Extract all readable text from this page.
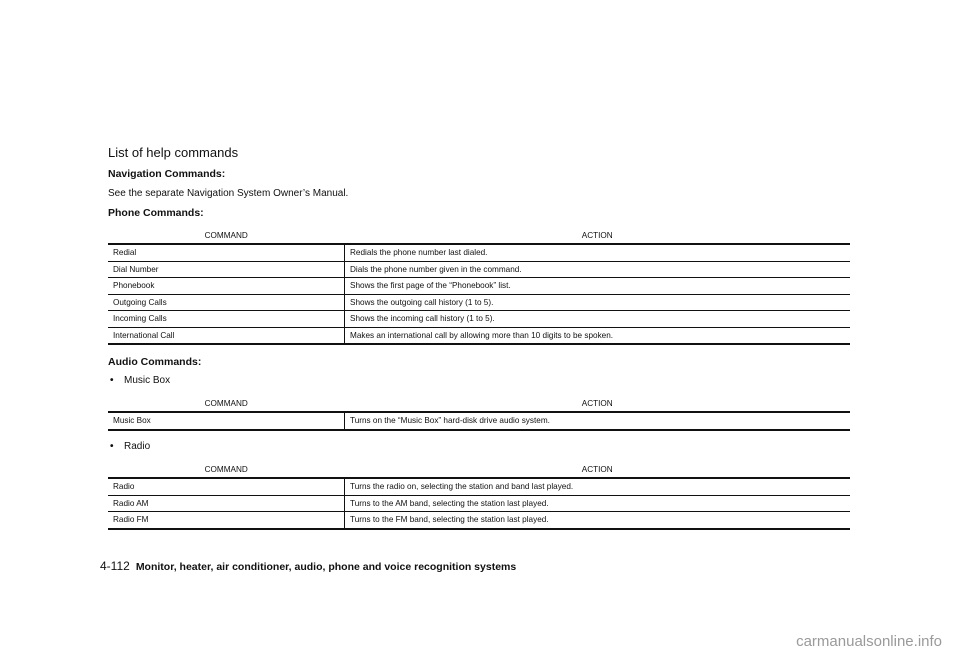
List of help commands
Navigation Commands:
See the separate Navigation System Owner’s Manual.
Phone Commands:
COMMAND	ACTION
Redial	Redials the phone number last dialed.
Dial Number	Dials the phone number given in the command.
Phonebook	Shows the first page of the “Phonebook” list.
Outgoing Calls	Shows the outgoing call history (1 to 5).
Incoming Calls	Shows the incoming call history (1 to 5).
International Call	Makes an international call by allowing more than 10 digits to be spoken.
Audio Commands:
• Music Box
COMMAND	ACTION
Music Box	Turns on the “Music Box” hard-disk drive audio system.
• Radio
COMMAND	ACTION
Radio	Turns the radio on, selecting the station and band last played.
Radio AM	Turns to the AM band, selecting the station last played.
Radio FM	Turns to the FM band, selecting the station last played.
4-112 Monitor, heater, air conditioner, audio, phone and voice recognition systems
carmanualsonline.info
